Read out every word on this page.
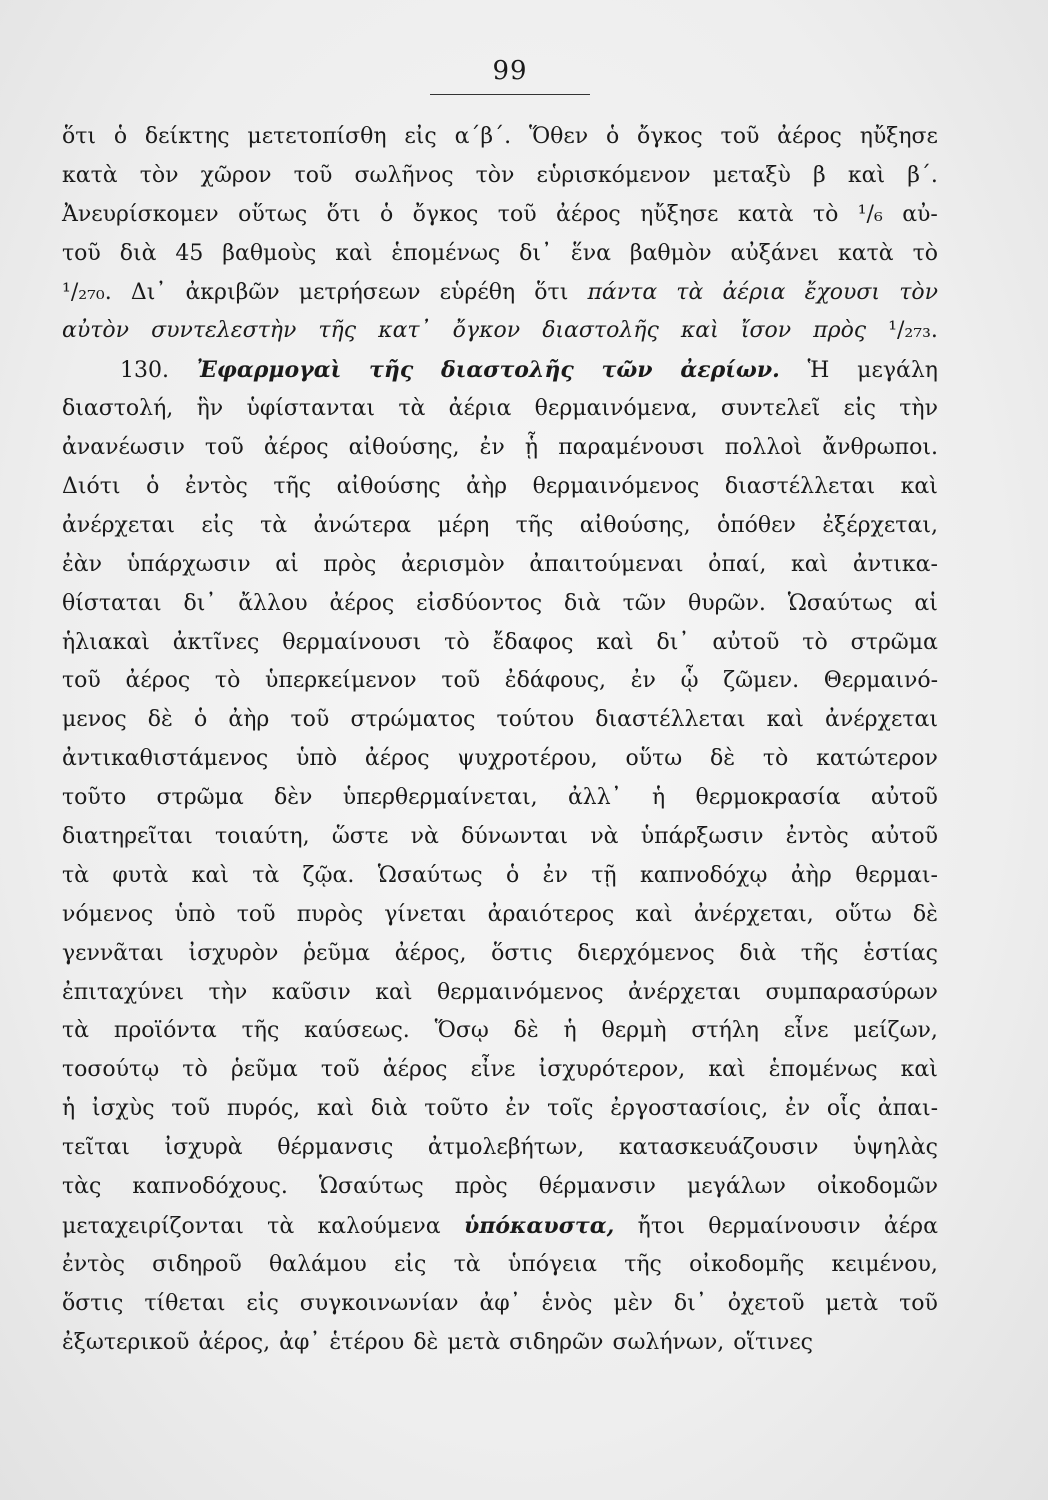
99
ὅτι ὁ δείκτης μετετοπίσθη εἰς α΄β΄. Ὅθεν ὁ ὄγκος τοῦ ἀέρος ηὔξησε
κατὰ τὸν χῶρον τοῦ σωλῆνος τὸν εὑρισκόμενον μεταξὺ β καὶ β΄.
Ἀνευρίσκομεν οὕτως ὅτι ὁ ὄγκος τοῦ ἀέρος ηὔξησε κατὰ τὸ ¹/₆ αὐ-
τοῦ διὰ 45 βαθμοὺς καὶ ἑπομένως δι᾽ ἕνα βαθμὸν αὐξάνει κατὰ τὸ
¹/₂₇₀. Δι᾽ ἀκριβῶν μετρήσεων εὑρέθη ὅτι πάντα τὰ ἀέρια ἔχουσι τὸν
αὐτὸν συντελεστὴν τῆς κατ᾽ ὄγκον διαστολῆς καὶ ἴσον πρὸς ¹/₂₇₃.
130. Ἐφαρμογαὶ τῆς διαστολῆς τῶν ἀερίων. Ἡ μεγάλη
διαστολή, ἣν ὑφίστανται τὰ ἀέρια θερμαινόμενα, συντελεῖ εἰς τὴν
ἀνανέωσιν τοῦ ἀέρος αἰθούσης, ἐν ᾗ παραμένουσι πολλοὶ ἄνθρωποι.
Διότι ὁ ἐντὸς τῆς αἰθούσης ἀὴρ θερμαινόμενος διαστέλλεται καὶ
ἀνέρχεται εἰς τὰ ἀνώτερα μέρη τῆς αἰθούσης, ὁπόθεν ἐξέρχεται,
ἐὰν ὑπάρχωσιν αἱ πρὸς ἀερισμὸν ἀπαιτούμεναι ὀπαί, καὶ ἀντικα-
θίσταται δι᾽ ἄλλου ἀέρος εἰσδύοντος διὰ τῶν θυρῶν. Ὡσαύτως αἱ
ἡλιακαὶ ἀκτῖνες θερμαίνουσι τὸ ἔδαφος καὶ δι᾽ αὐτοῦ τὸ στρῶμα
τοῦ ἀέρος τὸ ὑπερκείμενον τοῦ ἐδάφους, ἐν ᾧ ζῶμεν. Θερμαινό-
μενος δὲ ὁ ἀὴρ τοῦ στρώματος τούτου διαστέλλεται καὶ ἀνέρχεται
ἀντικαθιστάμενος ὑπὸ ἀέρος ψυχροτέρου, οὕτω δὲ τὸ κατώτερον
τοῦτο στρῶμα δὲν ὑπερθερμαίνεται, ἀλλ᾽ ἡ θερμοκρασία αὐτοῦ
διατηρεῖται τοιαύτη, ὥστε νὰ δύνωνται νὰ ὑπάρξωσιν ἐντὸς αὐτοῦ
τὰ φυτὰ καὶ τὰ ζῷα. Ὡσαύτως ὁ ἐν τῇ καπνοδόχῳ ἀὴρ θερμαι-
νόμενος ὑπὸ τοῦ πυρὸς γίνεται ἀραιότερος καὶ ἀνέρχεται, οὕτω δὲ
γεννᾶται ἰσχυρὸν ῥεῦμα ἀέρος, ὅστις διερχόμενος διὰ τῆς ἑστίας
ἐπιταχύνει τὴν καῦσιν καὶ θερμαινόμενος ἀνέρχεται συμπαρασύρων
τὰ προϊόντα τῆς καύσεως. Ὅσῳ δὲ ἡ θερμὴ στήλη εἶνε μείζων,
τοσούτῳ τὸ ῥεῦμα τοῦ ἀέρος εἶνε ἰσχυρότερον, καὶ ἑπομένως καὶ
ἡ ἰσχὺς τοῦ πυρός, καὶ διὰ τοῦτο ἐν τοῖς ἐργοστασίοις, ἐν οἷς ἀπαι-
τεῖται ἰσχυρὰ θέρμανσις ἀτμολεβήτων, κατασκευάζουσιν ὑψηλὰς
τὰς καπνοδόχους. Ὡσαύτως πρὸς θέρμανσιν μεγάλων οἰκοδομῶν
μεταχειρίζονται τὰ καλούμενα ὑπόκαυστα, ἤτοι θερμαίνουσιν ἀέρα
ἐντὸς σιδηροῦ θαλάμου εἰς τὰ ὑπόγεια τῆς οἰκοδομῆς κειμένου,
ὅστις τίθεται εἰς συγκοινωνίαν ἀφ᾽ ἑνὸς μὲν δι᾽ ὀχετοῦ μετὰ τοῦ
ἐξωτερικοῦ ἀέρος, ἀφ᾽ ἑτέρου δὲ μετὰ σιδηρῶν σωλήνων, οἵτινες
